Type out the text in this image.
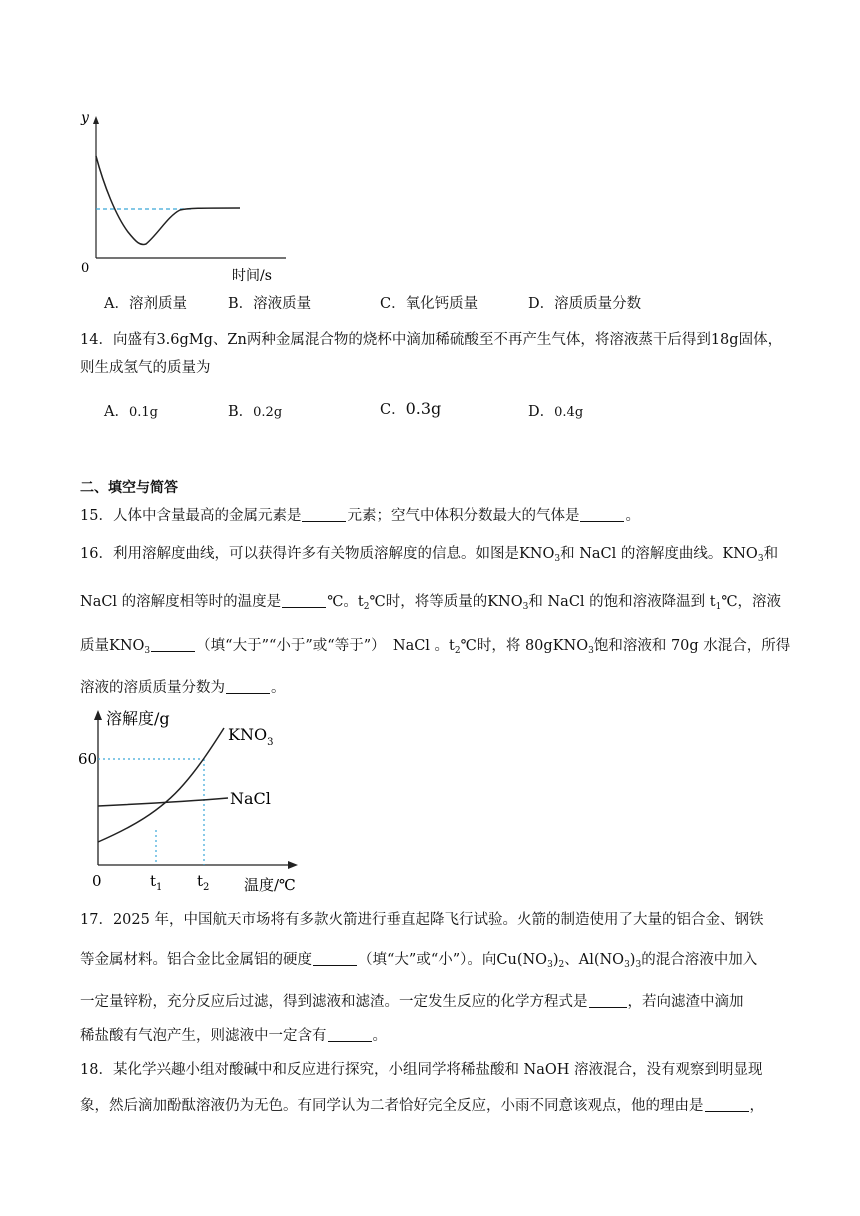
y
0	时间/s
A．溶剂质量	B．溶液质量	C．氧化钙质量	D．溶质质量分数
14．向盛有3.6gMg、Zn两种金属混合物的烧杯中滴加稀硫酸至不再产生气体，将溶液蒸干后得到18g固体，
则生成氢气的质量为
A．0.1g	B．0.2g	C．0.3g	D．0.4g
二、填空与简答
15．人体中含量最高的金属元素是	元素；空气中体积分数最大的气体是	。
16．利用溶解度曲线，可以获得许多有关物质溶解度的信息。如图是$KNO_3$和 NaCl 的溶解度曲线。$KNO_3$和
NaCl 的溶解度相等时的温度是	℃。$t_2℃$时，将等质量的$KNO_3$和 NaCl 的饱和溶液降温到 $t_1℃$，溶液
质量$KNO_3$	（填“大于”“小于”或“等于”）　NaCl 。$t_2℃$时，将 80gKNO$_3$饱和溶液和 70g 水混合，所得
溶液的溶质质量分数为	。
溶解度/g
0
60
$KNO_3$
NaCl
$t_1$ $t_2$ 温度/℃
17．2025 年，中国航天市场将有多款火箭进行垂直起降飞行试验。火箭的制造使用了大量的铝合金、钢铁
等金属材料。铝合金比金属铝的硬度	（填“大”或“小”）。向$Cu(NO_3)_2$、$Al(NO_3)_3$的混合溶液中加入
一定量锌粉，充分反应后过滤，得到滤液和滤渣。一定发生反应的化学方程式是	，若向滤渣中滴加
稀盐酸有气泡产生，则滤液中一定含有	。
18．某化学兴趣小组对酸碱中和反应进行探究，小组同学将稀盐酸和 NaOH 溶液混合，没有观察到明显现
象，然后滴加酚酞溶液仍为无色。有同学认为二者恰好完全反应，小雨不同意该观点，他的理由是	，
